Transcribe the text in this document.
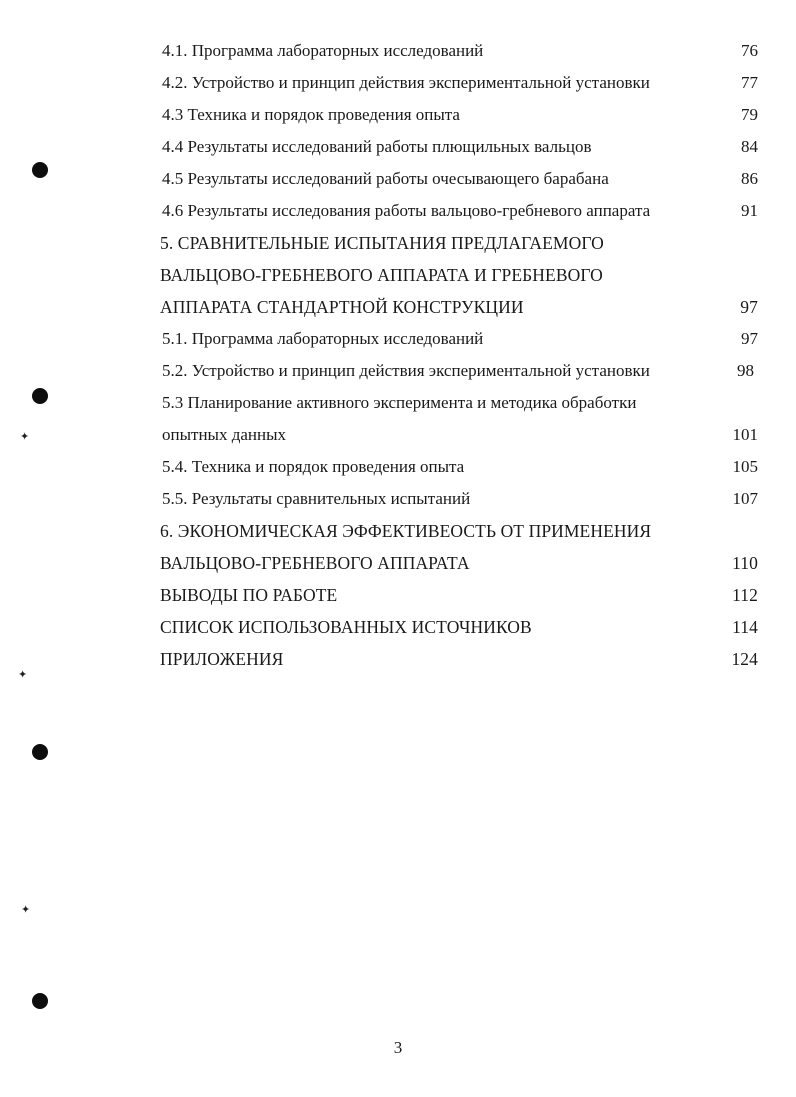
✦
✦
✦
4.1. Программа лабораторных исследований	76
4.2. Устройство и принцип действия экспериментальной установки	77
4.3 Техника и порядок проведения опыта	79
4.4 Результаты исследований работы плющильных вальцов	84
4.5 Результаты исследований работы очесывающего барабана	86
4.6 Результаты исследования работы вальцово-гребневого аппарата	91
5. СРАВНИТЕЛЬНЫЕ ИСПЫТАНИЯ ПРЕДЛАГАЕМОГО
ВАЛЬЦОВО-ГРЕБНЕВОГО АППАРАТА И ГРЕБНЕВОГО
АППАРАТА СТАНДАРТНОЙ КОНСТРУКЦИИ	97
5.1. Программа лабораторных исследований	97
5.2. Устройство и принцип действия экспериментальной установки	98
5.3 Планирование активного эксперимента и методика обработки
опытных данных	101
5.4. Техника и порядок проведения опыта	105
5.5. Результаты сравнительных испытаний	107
6. ЭКОНОМИЧЕСКАЯ ЭФФЕКТИВЕОСТЬ ОТ ПРИМЕНЕНИЯ
ВАЛЬЦОВО-ГРЕБНЕВОГО АППАРАТА	110
ВЫВОДЫ ПО РАБОТЕ	112
СПИСОК ИСПОЛЬЗОВАННЫХ ИСТОЧНИКОВ	114
ПРИЛОЖЕНИЯ	124
3
